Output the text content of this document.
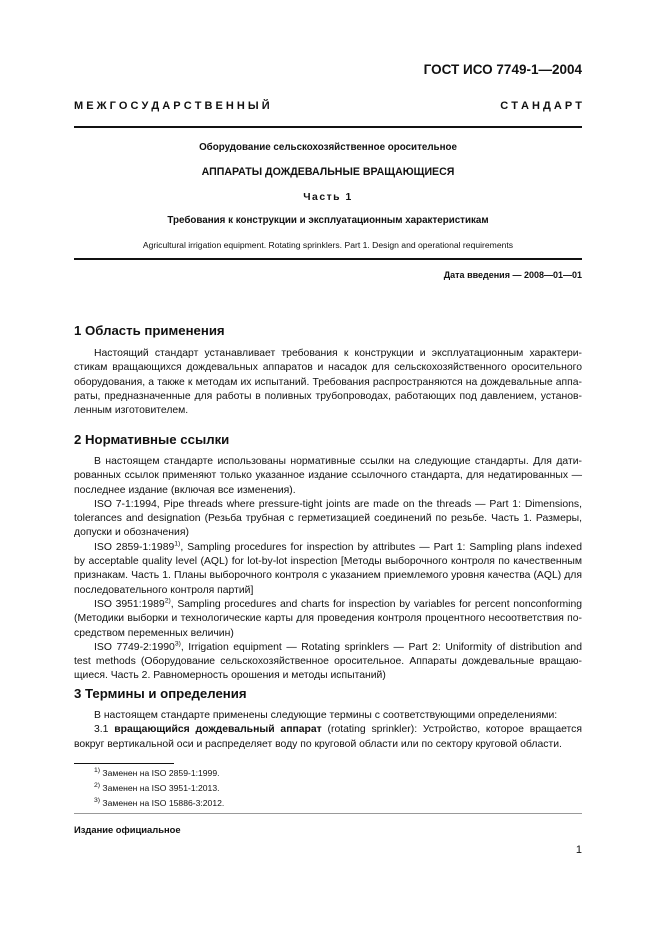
ГОСТ ИСО 7749-1—2004
М Е Ж Г О С У Д А Р С Т В Е Н Н Ы Й	С Т А Н Д А Р Т
Оборудование сельскохозяйственное оросительное
АППАРАТЫ ДОЖДЕВАЛЬНЫЕ ВРАЩАЮЩИЕСЯ
Часть 1
Требования к конструкции и эксплуатационным характеристикам
Agricultural irrigation equipment. Rotating sprinklers. Part 1. Design and operational requirements
Дата введения — 2008—01—01
1 Область применения
Настоящий стандарт устанавливает требования к конструкции и эксплуатационным характери-
стикам вращающихся дождевальных аппаратов и насадок для сельскохозяйственного оросительного
оборудования, а также к методам их испытаний. Требования распространяются на дождевальные аппа-
раты, предназначенные для работы в поливных трубопроводах, работающих под давлением, установ-
ленным изготовителем.
2 Нормативные ссылки
В настоящем стандарте использованы нормативные ссылки на следующие стандарты. Для дати-
рованных ссылок применяют только указанное издание ссылочного стандарта, для недатированных —
последнее издание (включая все изменения).
ISO 7-1:1994, Pipe threads where pressure-tight joints are made on the threads — Part 1: Dimensions,
tolerances and designation (Резьба трубная с герметизацией соединений по резьбе. Часть 1. Размеры,
допуски и обозначения)
ISO 2859-1:1989$^{1)}$, Sampling procedures for inspection by attributes — Part 1: Sampling plans indexed
by acceptable quality level (AQL) for lot-by-lot inspection [Методы выборочного контроля по качественным
признакам. Часть 1. Планы выборочного контроля с указанием приемлемого уровня качества (AQL) для
последовательного контроля партий]
ISO 3951:1989$^{2)}$, Sampling procedures and charts for inspection by variables for percent nonconforming
(Методики выборки и технологические карты для проведения контроля процентного несоответствия по-
средством переменных величин)
ISO 7749-2:1990$^{3)}$, Irrigation equipment — Rotating sprinklers — Part 2: Uniformity of distribution and
test methods (Оборудование сельскохозяйственное оросительное. Аппараты дождевальные вращаю-
щиеся. Часть 2. Равномерность орошения и методы испытаний)
3 Термины и определения
В настоящем стандарте применены следующие термины с соответствующими определениями:
3.1 вращающийся дождевальный аппарат (rotating sprinkler): Устройство, которое вращается
вокруг вертикальной оси и распределяет воду по круговой области или по сектору круговой области.
$^{1)}$ Заменен на ISO 2859-1:1999.
$^{2)}$ Заменен на ISO 3951-1:2013.
$^{3)}$ Заменен на ISO 15886-3:2012.
Издание официальное
1
